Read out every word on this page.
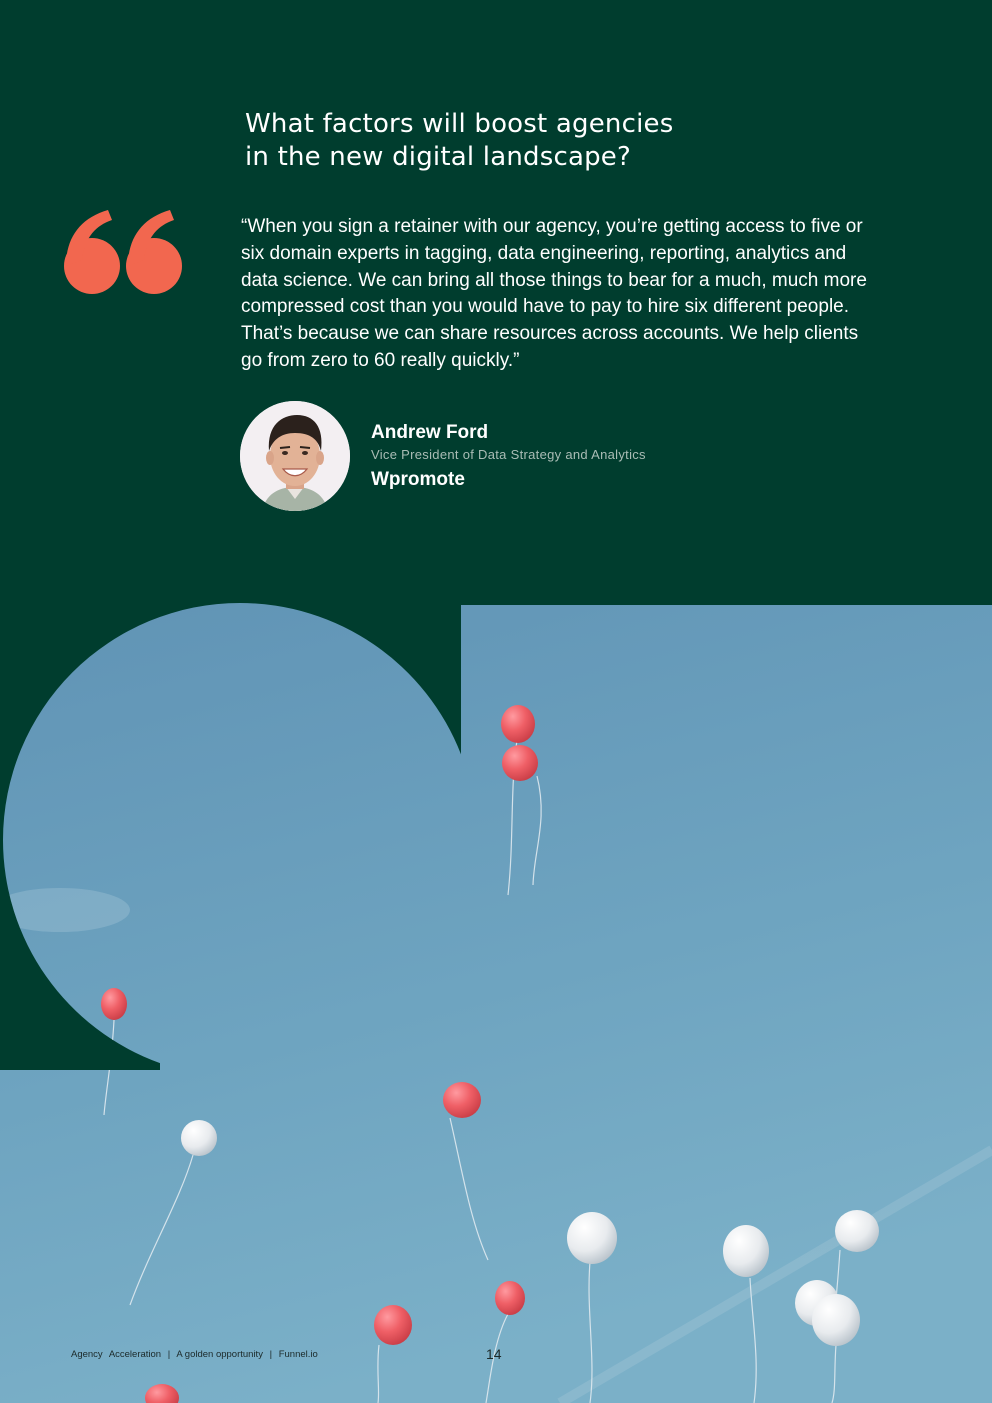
What factors will boost agencies
in the new digital landscape?
“When you sign a retainer with our agency, you’re getting access to five or
six domain experts in tagging, data engineering, reporting, analytics and
data science. We can bring all those things to bear for a much, much more
compressed cost than you would have to pay to hire six different people.
That’s because we can share resources across accounts. We help clients
go from zero to 60 really quickly.”
Andrew Ford
Vice President of Data Strategy and Analytics
Wpromote
Agency Acceleration | A golden opportunity | Funnel.io	14
